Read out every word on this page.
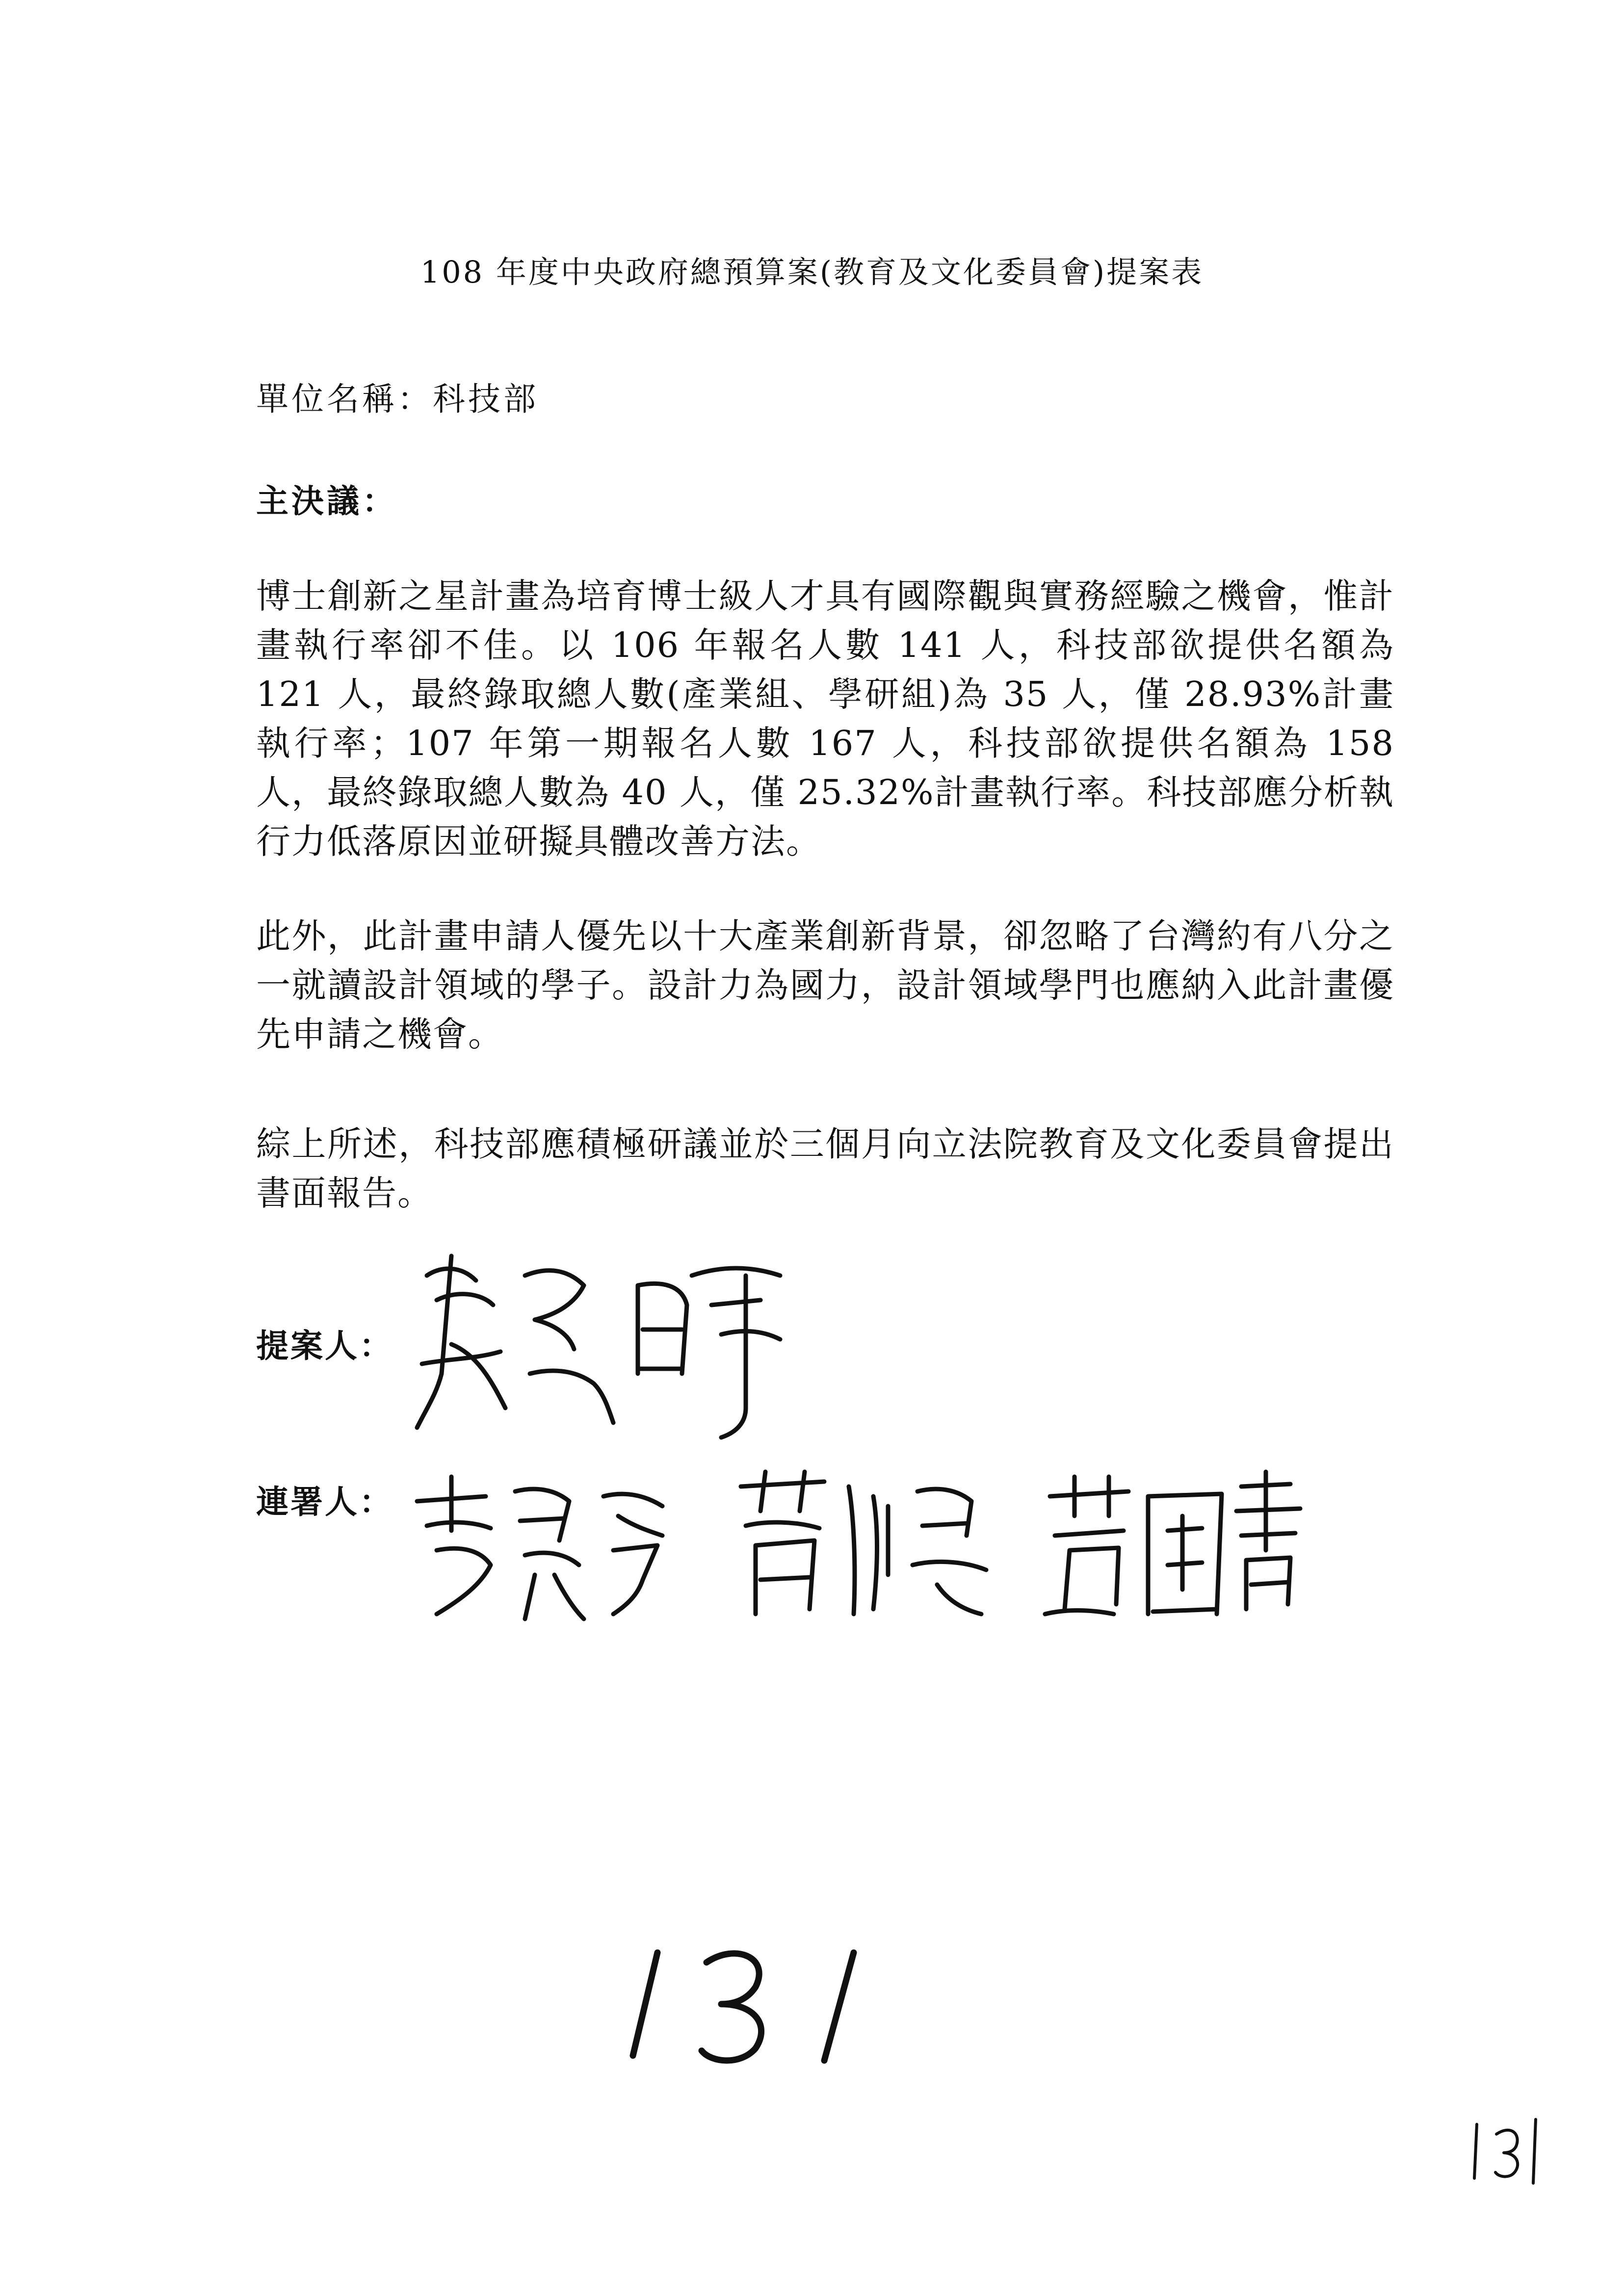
108 年度中央政府總預算案(教育及文化委員會)提案表
單位名稱：科技部
主決議：
博士創新之星計畫為培育博士級人才具有國際觀與實務經驗之機會，惟計畫執行率卻不佳。以 106 年報名人數 141 人，科技部欲提供名額為 121 人，最終錄取總人數(產業組、學研組)為 35 人，僅 28.93%計畫執行率；107 年第一期報名人數 167 人，科技部欲提供名額為 158 人，最終錄取總人數為 40 人，僅 25.32%計畫執行率。科技部應分析執行力低落原因並研擬具體改善方法。
此外，此計畫申請人優先以十大產業創新背景，卻忽略了台灣約有八分之一就讀設計領域的學子。設計力為國力，設計領域學門也應納入此計畫優先申請之機會。
綜上所述，科技部應積極研議並於三個月向立法院教育及文化委員會提出書面報告。
提案人：
連署人：
